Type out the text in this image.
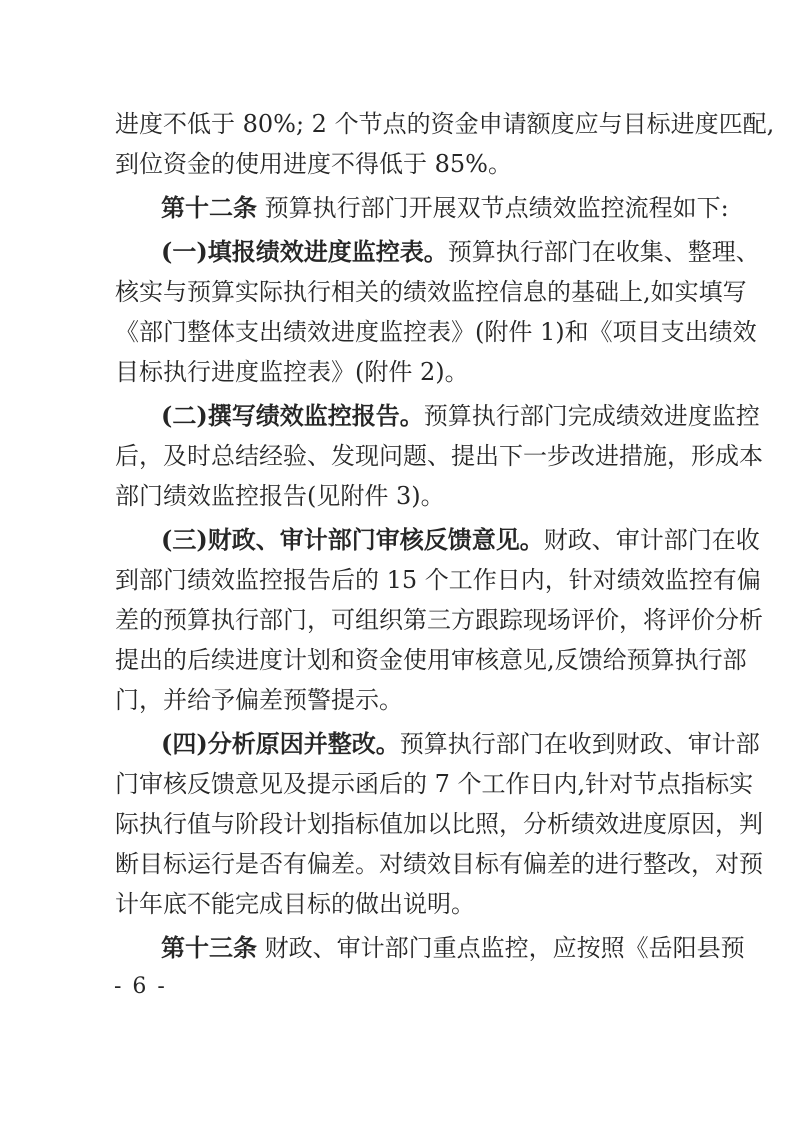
进度不低于 80%; 2 个节点的资金申请额度应与目标进度匹配,
到位资金的使用进度不得低于 85%。
第十二条 预算执行部门开展双节点绩效监控流程如下:
(一)填报绩效进度监控表。预算执行部门在收集、整理、
核实与预算实际执行相关的绩效监控信息的基础上,如实填写
《部门整体支出绩效进度监控表》(附件 1)和《项目支出绩效
目标执行进度监控表》(附件 2)。
(二)撰写绩效监控报告。预算执行部门完成绩效进度监控
后，及时总结经验、发现问题、提出下一步改进措施，形成本
部门绩效监控报告(见附件 3)。
(三)财政、审计部门审核反馈意见。财政、审计部门在收
到部门绩效监控报告后的 15 个工作日内，针对绩效监控有偏
差的预算执行部门，可组织第三方跟踪现场评价，将评价分析
提出的后续进度计划和资金使用审核意见,反馈给预算执行部
门，并给予偏差预警提示。
(四)分析原因并整改。预算执行部门在收到财政、审计部
门审核反馈意见及提示函后的 7 个工作日内,针对节点指标实
际执行值与阶段计划指标值加以比照，分析绩效进度原因，判
断目标运行是否有偏差。对绩效目标有偏差的进行整改，对预
计年底不能完成目标的做出说明。
第十三条 财政、审计部门重点监控，应按照《岳阳县预
- 6 -
